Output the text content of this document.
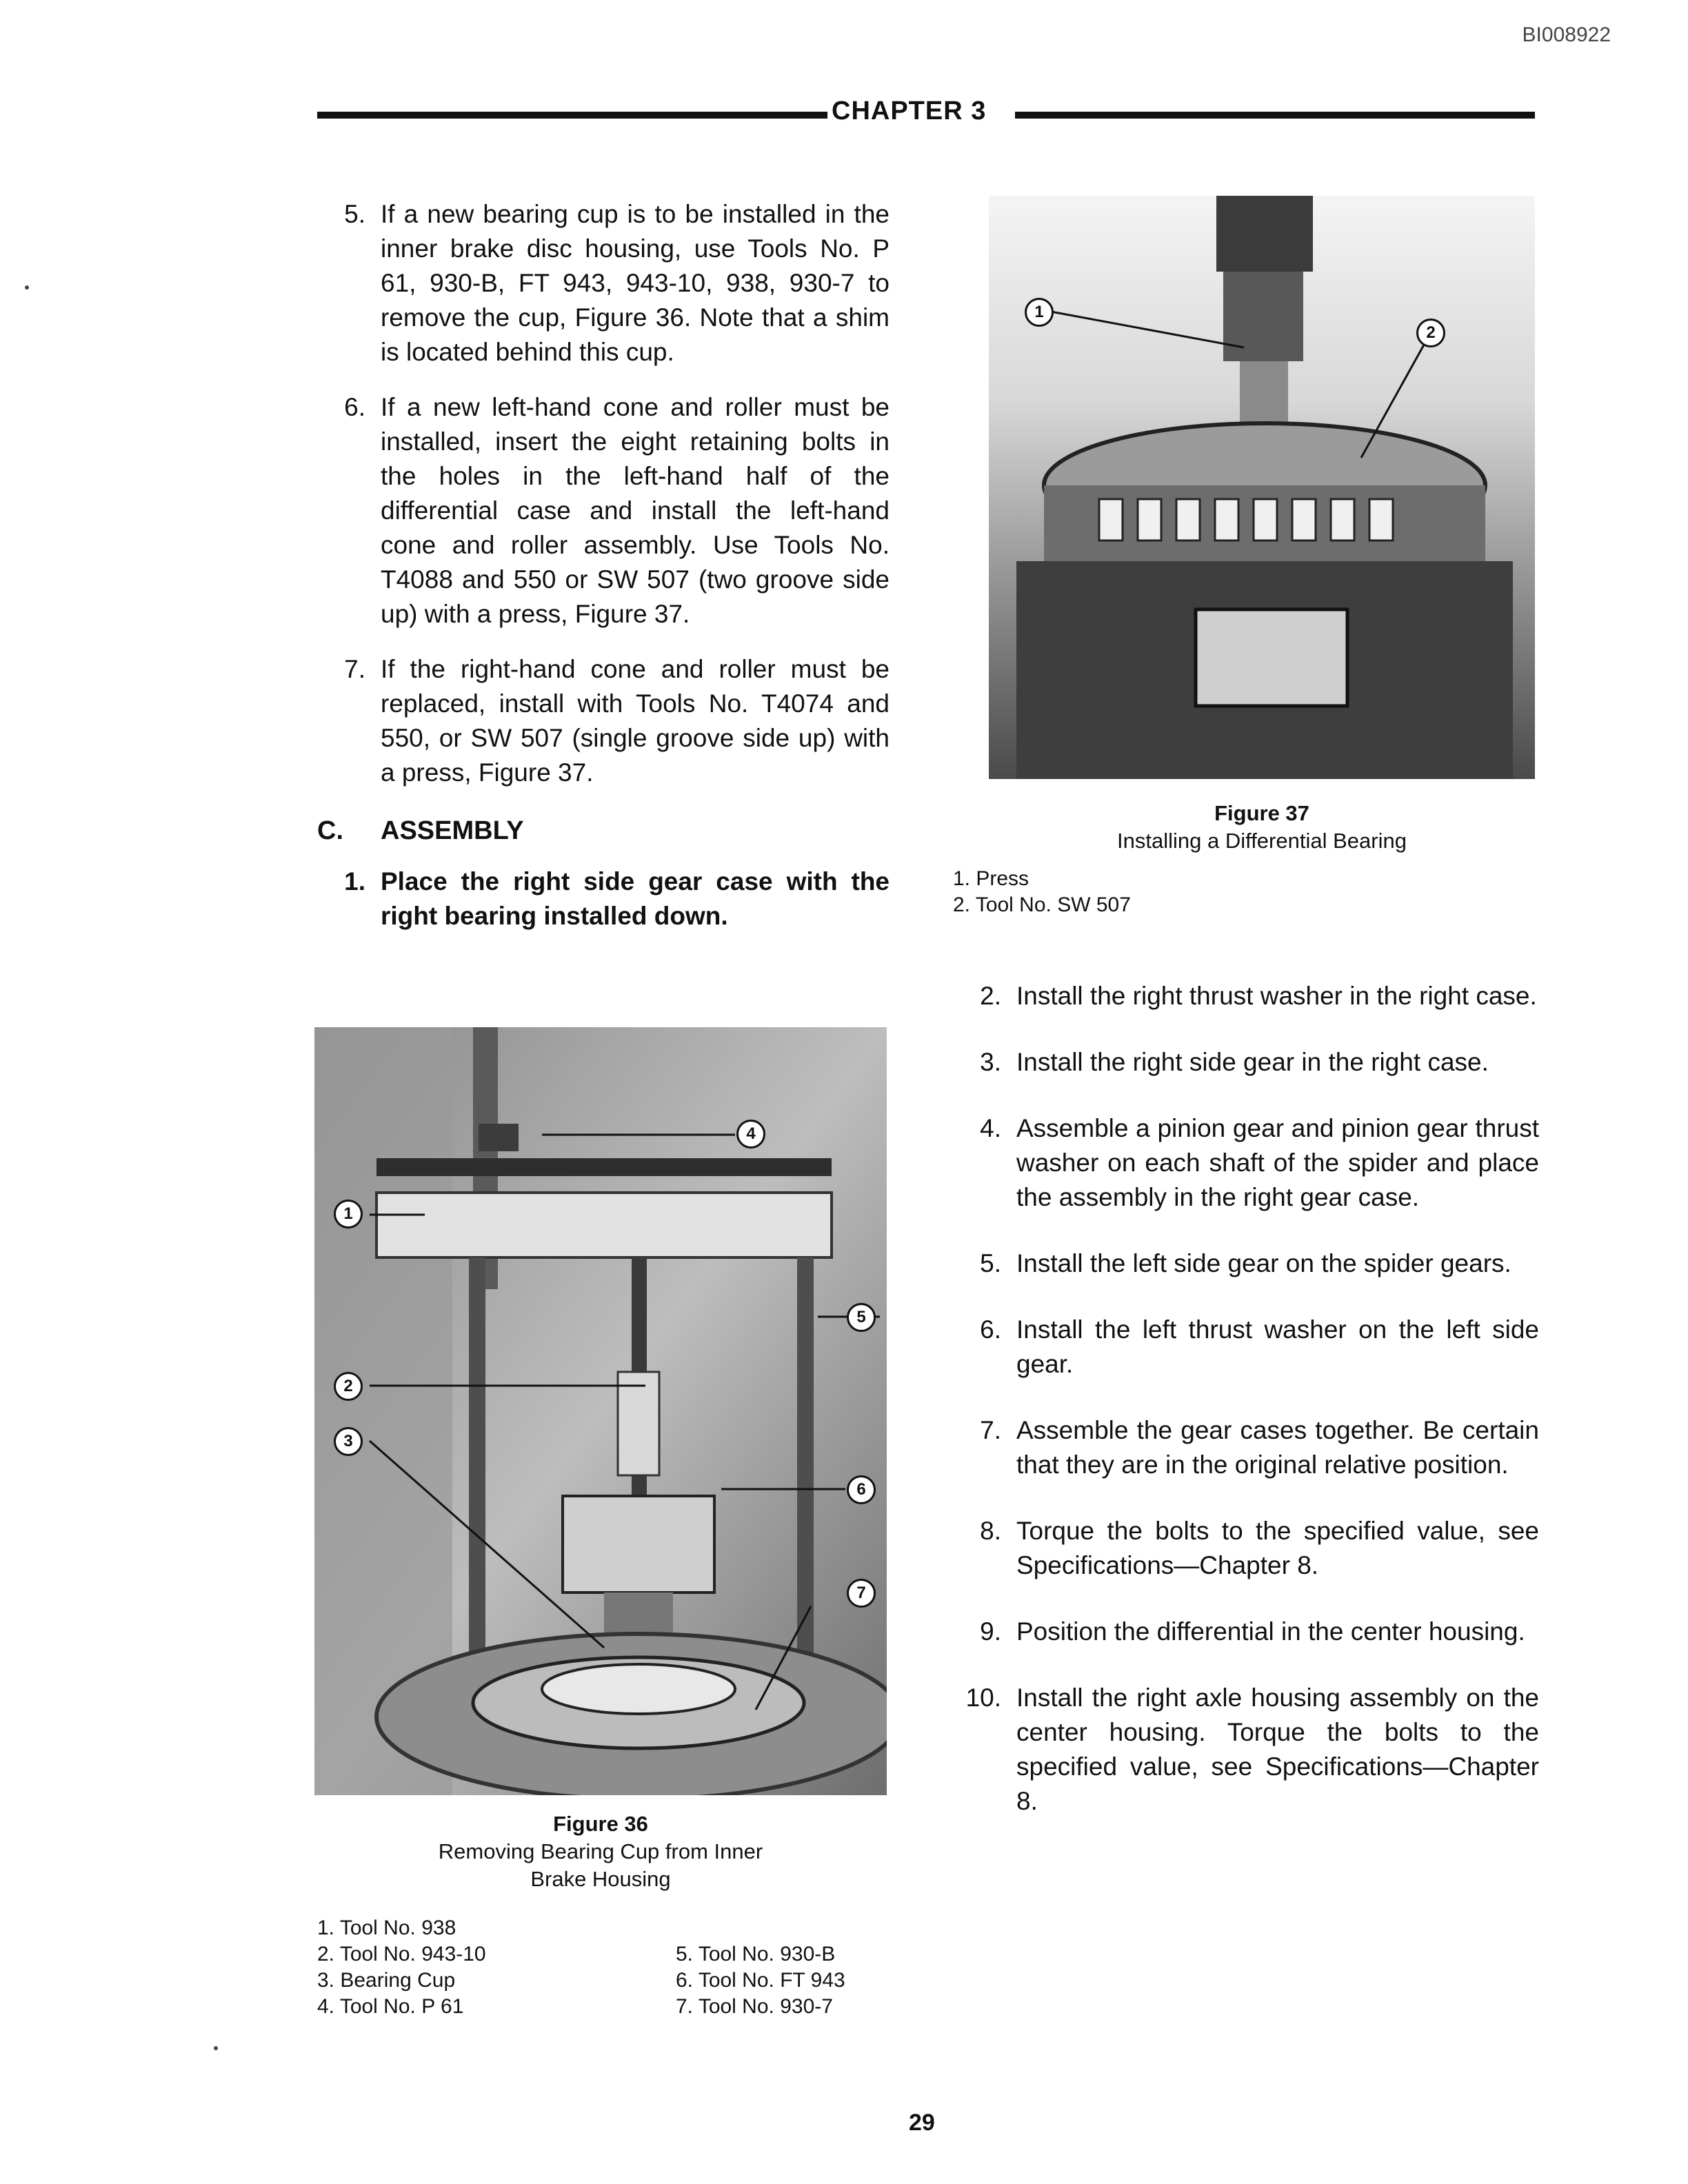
BI008922
CHAPTER 3
5. If a new bearing cup is to be installed in the inner brake disc housing, use Tools No. P 61, 930-B, FT 943, 943-10, 938, 930-7 to remove the cup, Figure 36. Note that a shim is located behind this cup.
6. If a new left-hand cone and roller must be installed, insert the eight retaining bolts in the holes in the left-hand half of the differential case and install the left-hand cone and roller assembly. Use Tools No. T4088 and 550 or SW 507 (two groove side up) with a press, Figure 37.
7. If the right-hand cone and roller must be replaced, install with Tools No. T4074 and 550, or SW 507 (single groove side up) with a press, Figure 37.
C. ASSEMBLY
1. Place the right side gear case with the right bearing installed down.
1
2
3
4
5
6
7
Figure 36
Removing Bearing Cup from Inner
Brake Housing
1. Tool No. 938
2. Tool No. 943-10
3. Bearing Cup
4. Tool No. P 61
5. Tool No. 930-B
6. Tool No. FT 943
7. Tool No. 930-7
1
2
Figure 37
Installing a Differential Bearing
1. Press
2. Tool No. SW 507
2. Install the right thrust washer in the right case.
3. Install the right side gear in the right case.
4. Assemble a pinion gear and pinion gear thrust washer on each shaft of the spider and place the assembly in the right gear case.
5. Install the left side gear on the spider gears.
6. Install the left thrust washer on the left side gear.
7. Assemble the gear cases together. Be certain that they are in the original relative position.
8. Torque the bolts to the specified value, see Specifications—Chapter 8.
9. Position the differential in the center housing.
10. Install the right axle housing assembly on the center housing. Torque the bolts to the specified value, see Specifications—Chapter 8.
29
